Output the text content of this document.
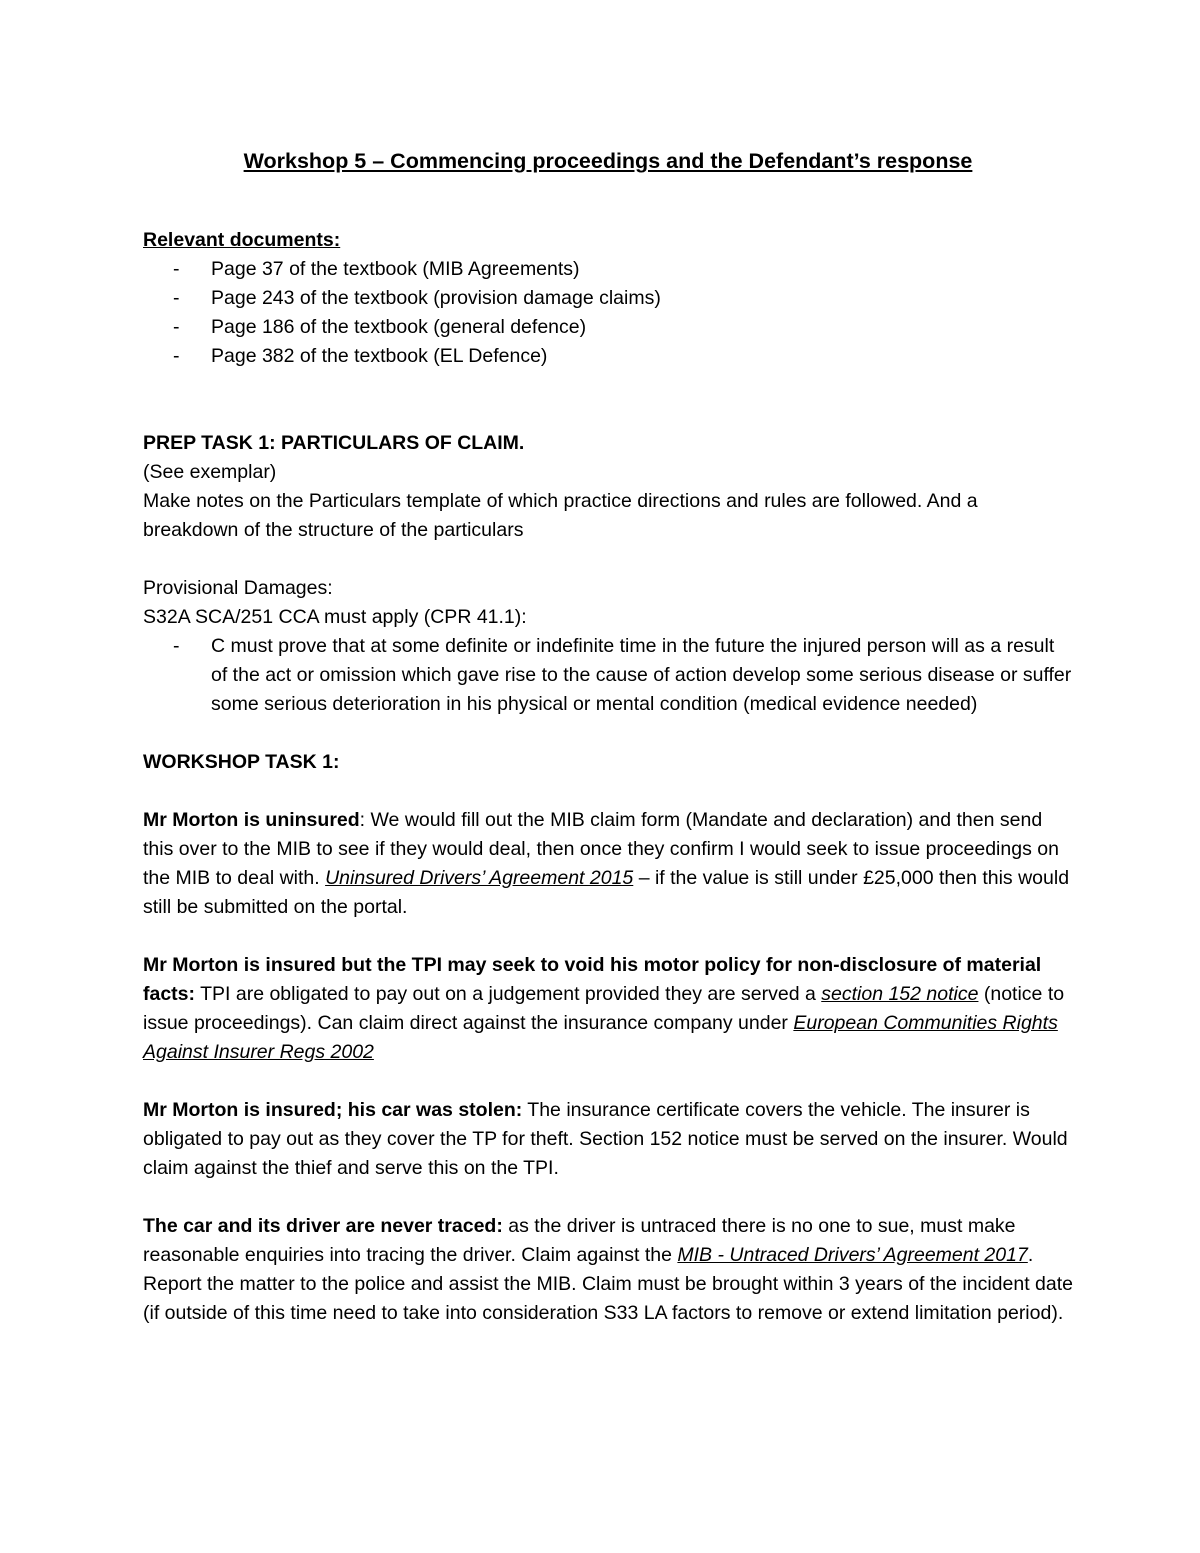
Workshop 5 – Commencing proceedings and the Defendant’s response

Relevant documents:

- Page 37 of the textbook (MIB Agreements)
- Page 243 of the textbook (provision damage claims)
- Page 186 of the textbook (general defence)
- Page 382 of the textbook (EL Defence)

PREP TASK 1: PARTICULARS OF CLAIM.

(See exemplar)

Make notes on the Particulars template of which practice directions and rules are followed. And a breakdown of the structure of the particulars

Provisional Damages:

S32A SCA/251 CCA must apply (CPR 41.1):

- C must prove that at some definite or indefinite time in the future the injured person will as a result of the act or omission which gave rise to the cause of action develop some serious disease or suffer some serious deterioration in his physical or mental condition (medical evidence needed)

WORKSHOP TASK 1:

Mr Morton is uninsured: We would fill out the MIB claim form (Mandate and declaration) and then send this over to the MIB to see if they would deal, then once they confirm I would seek to issue proceedings on the MIB to deal with. Uninsured Drivers’ Agreement 2015 – if the value is still under £25,000 then this would still be submitted on the portal.

Mr Morton is insured but the TPI may seek to void his motor policy for non-disclosure of material facts: TPI are obligated to pay out on a judgement provided they are served a section 152 notice (notice to issue proceedings). Can claim direct against the insurance company under European Communities Rights Against Insurer Regs 2002

Mr Morton is insured; his car was stolen: The insurance certificate covers the vehicle. The insurer is obligated to pay out as they cover the TP for theft. Section 152 notice must be served on the insurer. Would claim against the thief and serve this on the TPI.

The car and its driver are never traced: as the driver is untraced there is no one to sue, must make reasonable enquiries into tracing the driver. Claim against the MIB - Untraced Drivers’ Agreement 2017. Report the matter to the police and assist the MIB. Claim must be brought within 3 years of the incident date (if outside of this time need to take into consideration S33 LA factors to remove or extend limitation period).
